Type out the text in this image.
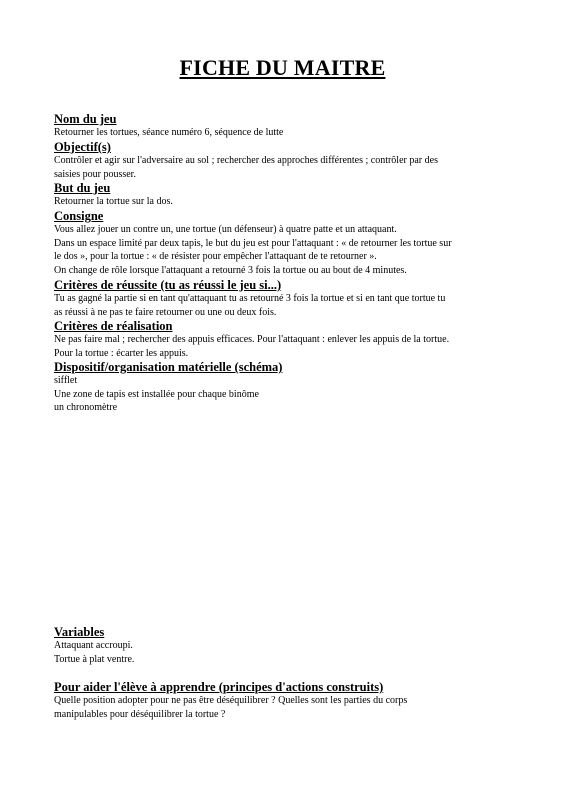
FICHE DU MAITRE

Nom du jeu

Retourner les tortues, séance numéro 6, séquence de lutte

Objectif(s)

Contrôler et agir sur l'adversaire au sol ; rechercher des approches différentes ; contrôler par des

saisies pour pousser.

But du jeu

Retourner la tortue sur la dos.

Consigne

Vous allez jouer un contre un, une tortue (un défenseur) à quatre patte et un attaquant.

Dans un espace limité par deux tapis, le but du jeu est pour l'attaquant : « de retourner les tortue sur

le dos », pour la tortue : « de résister pour empêcher l'attaquant de te retourner ».

On change de rôle lorsque l'attaquant a retourné 3 fois la tortue ou au bout de 4 minutes.

Critères de réussite (tu as réussi le jeu si...)

Tu as gagné la partie si en tant qu'attaquant tu as retourné 3 fois la tortue et si en tant que tortue tu

as réussi à ne pas te faire retourner ou une ou deux fois.

Critères de réalisation

Ne pas faire mal ; rechercher des appuis efficaces. Pour l'attaquant : enlever les appuis de la tortue.

Pour la tortue : écarter les appuis.

Dispositif/organisation matérielle (schéma)

sifflet

Une zone de tapis est installée pour chaque binôme

un chronomètre

Variables

Attaquant accroupi.

Tortue à plat ventre.

Pour aider l'élève à apprendre (principes d'actions construits)

Quelle position adopter pour ne pas être déséquilibrer ? Quelles sont les parties du corps

manipulables pour déséquilibrer la tortue ?
